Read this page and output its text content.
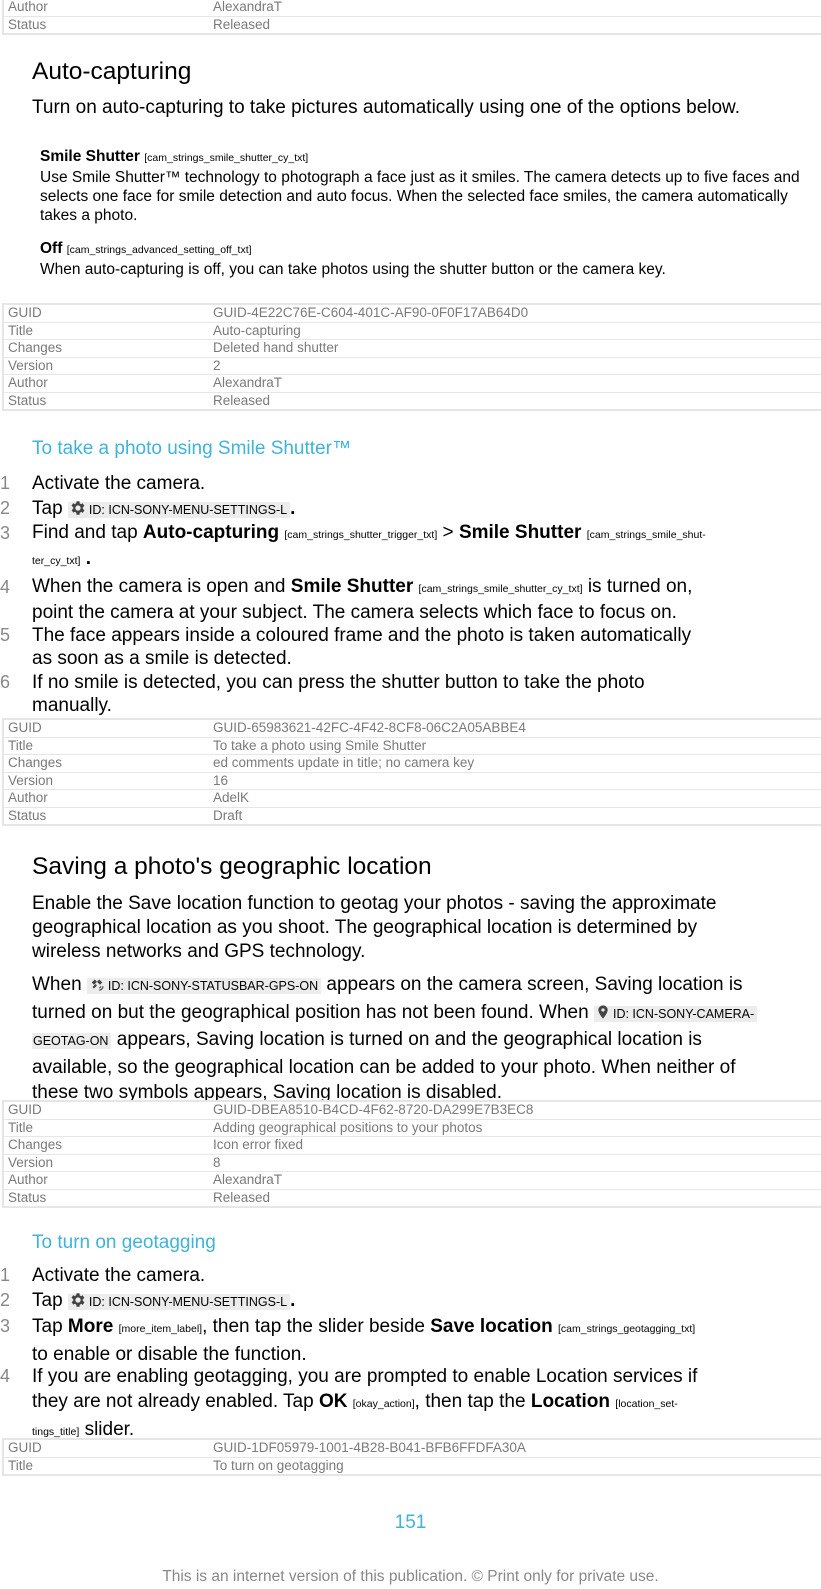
Author	AlexandraT
Status	Released
Auto-capturing
Turn on auto-capturing to take pictures automatically using one of the options below.
Smile Shutter [cam_strings_smile_shutter_cy_txt]
Use Smile Shutter™ technology to photograph a face just as it smiles. The camera detects up to five faces and selects one face for smile detection and auto focus. When the selected face smiles, the camera automatically takes a photo.
Off [cam_strings_advanced_setting_off_txt]
When auto-capturing is off, you can take photos using the shutter button or the camera key.
GUID	GUID-4E22C76E-C604-401C-AF90-0F0F17AB64D0
Title	Auto-capturing
Changes	Deleted hand shutter
Version	2
Author	AlexandraT
Status	Released
To take a photo using Smile Shutter™
1 Activate the camera.
2 Tap ID: ICN-SONY-MENU-SETTINGS-L .
3 Find and tap Auto-capturing [cam_strings_shutter_trigger_txt] > Smile Shutter [cam_strings_smile_shut-
ter_cy_txt] .
4 When the camera is open and Smile Shutter [cam_strings_smile_shutter_cy_txt] is turned on,
point the camera at your subject. The camera selects which face to focus on.
5 The face appears inside a coloured frame and the photo is taken automatically
as soon as a smile is detected.
6 If no smile is detected, you can press the shutter button to take the photo
manually.
GUID	GUID-65983621-42FC-4F42-8CF8-06C2A05ABBE4
Title	To take a photo using Smile Shutter
Changes	ed comments update in title; no camera key
Version	16
Author	AdelK
Status	Draft
Saving a photo's geographic location
Enable the Save location function to geotag your photos - saving the approximate
geographical location as you shoot. The geographical location is determined by
wireless networks and GPS technology.
When ID: ICN-SONY-STATUSBAR-GPS-ON appears on the camera screen, Saving location is
turned on but the geographical position has not been found. When ID: ICN-SONY-CAMERA-
GEOTAG-ON appears, Saving location is turned on and the geographical location is
available, so the geographical location can be added to your photo. When neither of
these two symbols appears, Saving location is disabled.
GUID	GUID-DBEA8510-B4CD-4F62-8720-DA299E7B3EC8
Title	Adding geographical positions to your photos
Changes	Icon error fixed
Version	8
Author	AlexandraT
Status	Released
To turn on geotagging
1 Activate the camera.
2 Tap ID: ICN-SONY-MENU-SETTINGS-L .
3 Tap More [more_item_label], then tap the slider beside Save location [cam_strings_geotagging_txt]
to enable or disable the function.
4 If you are enabling geotagging, you are prompted to enable Location services if
they are not already enabled. Tap OK [okay_action], then tap the Location [location_set-
tings_title] slider.
GUID	GUID-1DF05979-1001-4B28-B041-BFB6FFDFA30A
Title	To turn on geotagging
151
This is an internet version of this publication. © Print only for private use.
